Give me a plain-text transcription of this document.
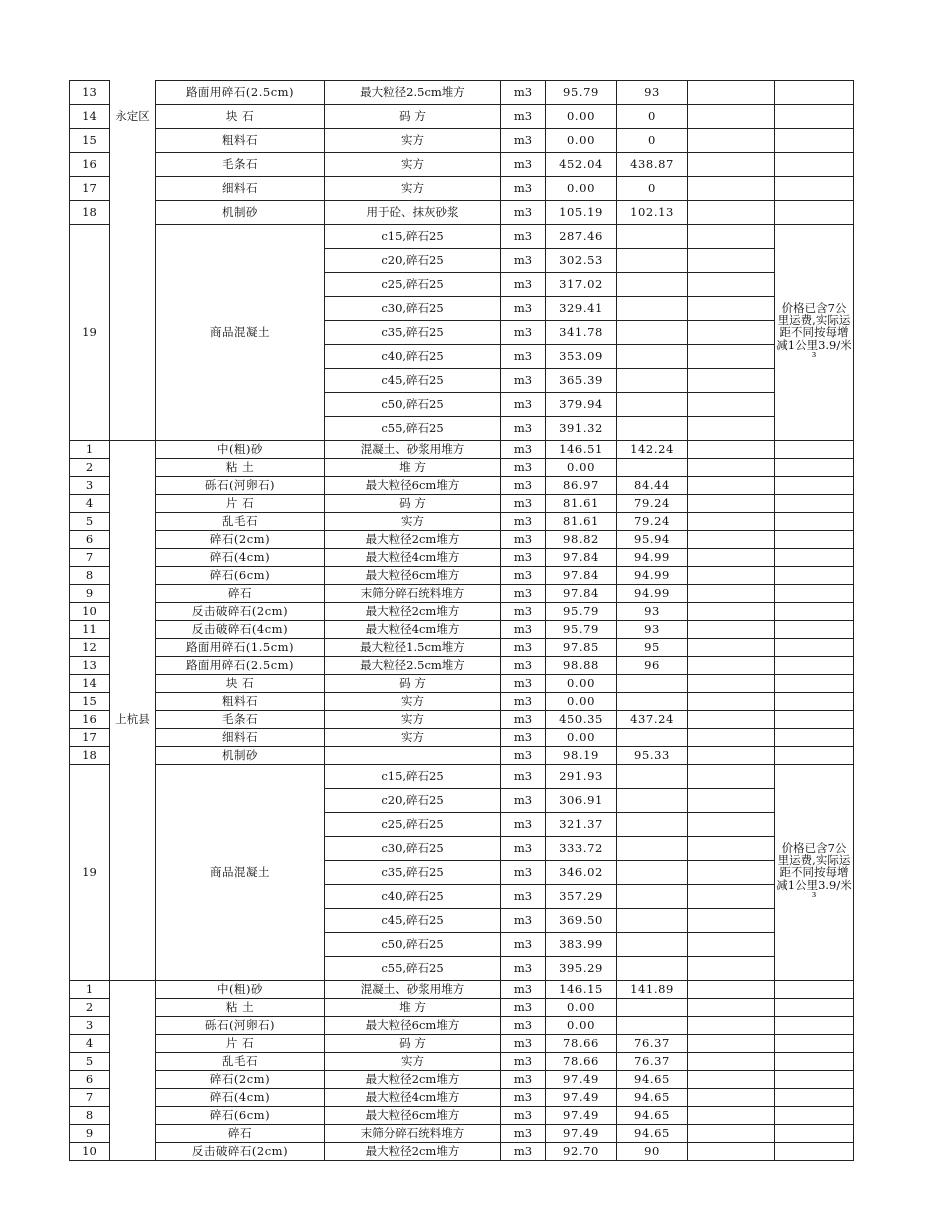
13		路面用碎石(2.5cm)	最大粒径2.5cm堆方	m3	95.79	93		
14	永定区	块 石	码 方	m3	0.00	0		
15		粗料石	实方	m3	0.00	0		
16		毛条石	实方	m3	452.04	438.87		
17		细料石	实方	m3	0.00	0		
18		机制砂	用于砼、抹灰砂浆	m3	105.19	102.13		
19		商品混凝土	c15,碎石25	m3	287.46			价格已含7公里运费,实际运距不同按每增减1公里3.9/米³
			c20,碎石25	m3	302.53			
			c25,碎石25	m3	317.02			
			c30,碎石25	m3	329.41			
			c35,碎石25	m3	341.78			
			c40,碎石25	m3	353.09			
			c45,碎石25	m3	365.39			
			c50,碎石25	m3	379.94			
			c55,碎石25	m3	391.32			
1		中(粗)砂	混凝土、砂浆用堆方	m3	146.51	142.24		
2		粘 土	堆 方	m3	0.00			
3		砾石(河卵石)	最大粒径6cm堆方	m3	86.97	84.44		
4		片 石	码 方	m3	81.61	79.24		
5		乱毛石	实方	m3	81.61	79.24		
6		碎石(2cm)	最大粒径2cm堆方	m3	98.82	95.94		
7		碎石(4cm)	最大粒径4cm堆方	m3	97.84	94.99		
8		碎石(6cm)	最大粒径6cm堆方	m3	97.84	94.99		
9		碎石	末筛分碎石统料堆方	m3	97.84	94.99		
10		反击破碎石(2cm)	最大粒径2cm堆方	m3	95.79	93		
11		反击破碎石(4cm)	最大粒径4cm堆方	m3	95.79	93		
12		路面用碎石(1.5cm)	最大粒径1.5cm堆方	m3	97.85	95		
13		路面用碎石(2.5cm)	最大粒径2.5cm堆方	m3	98.88	96		
14		块 石	码 方	m3	0.00			
15		粗料石	实方	m3	0.00			
16	上杭县	毛条石	实方	m3	450.35	437.24		
17		细料石	实方	m3	0.00			
18		机制砂		m3	98.19	95.33		
19		商品混凝土	c15,碎石25	m3	291.93			价格已含7公里运费,实际运距不同按每增减1公里3.9/米³
			c20,碎石25	m3	306.91			
			c25,碎石25	m3	321.37			
			c30,碎石25	m3	333.72			
			c35,碎石25	m3	346.02			
			c40,碎石25	m3	357.29			
			c45,碎石25	m3	369.50			
			c50,碎石25	m3	383.99			
			c55,碎石25	m3	395.29			
1		中(粗)砂	混凝土、砂浆用堆方	m3	146.15	141.89		
2		粘 土	堆 方	m3	0.00			
3		砾石(河卵石)	最大粒径6cm堆方	m3	0.00			
4		片 石	码 方	m3	78.66	76.37		
5		乱毛石	实方	m3	78.66	76.37		
6		碎石(2cm)	最大粒径2cm堆方	m3	97.49	94.65		
7		碎石(4cm)	最大粒径4cm堆方	m3	97.49	94.65		
8		碎石(6cm)	最大粒径6cm堆方	m3	97.49	94.65		
9		碎石	末筛分碎石统料堆方	m3	97.49	94.65		
10		反击破碎石(2cm)	最大粒径2cm堆方	m3	92.70	90		
